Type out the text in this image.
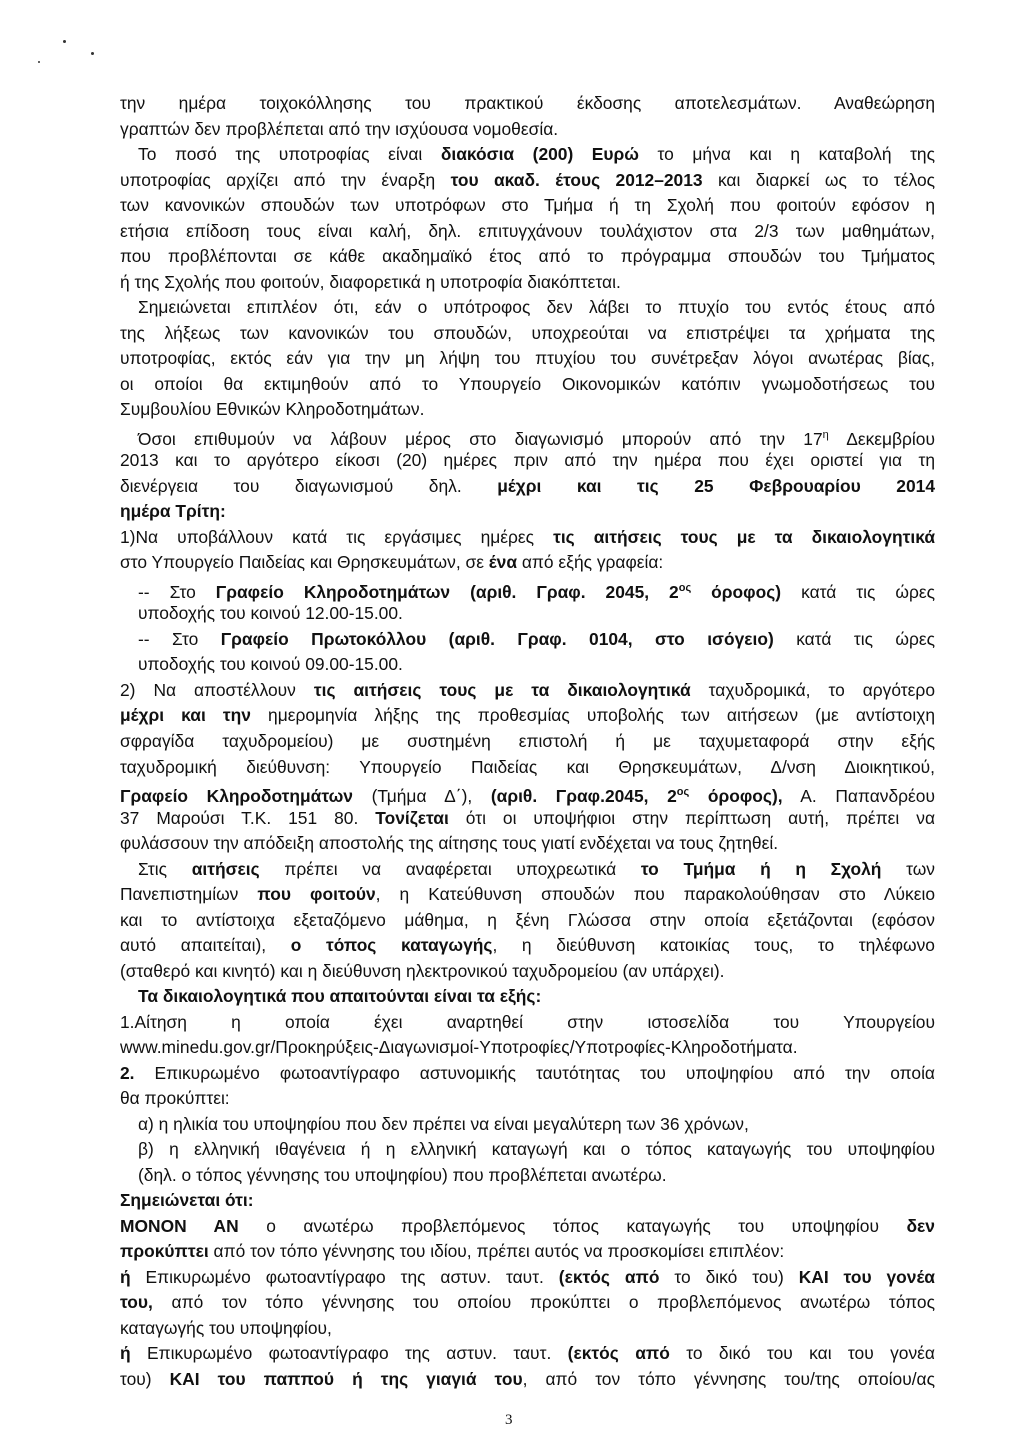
την ημέρα τοιχοκόλλησης του πρακτικού έκδοσης αποτελεσμάτων. Αναθεώρηση
γραπτών δεν προβλέπεται από την ισχύουσα νομοθεσία.
Το ποσό της υποτροφίας είναι διακόσια (200) Ευρώ το μήνα και η καταβολή της
υποτροφίας αρχίζει από την έναρξη του ακαδ. έτους 2012–2013 και διαρκεί ως το τέλος
των κανονικών σπουδών των υποτρόφων στο Τμήμα ή τη Σχολή που φοιτούν εφόσον η
ετήσια επίδοση τους είναι καλή, δηλ. επιτυγχάνουν τουλάχιστον στα 2/3 των μαθημάτων,
που προβλέπονται σε κάθε ακαδημαϊκό έτος από το πρόγραμμα σπουδών του Τμήματος
ή της Σχολής που φοιτούν, διαφορετικά η υποτροφία διακόπτεται.
Σημειώνεται επιπλέον ότι, εάν ο υπότροφος δεν λάβει το πτυχίο του εντός έτους από
της λήξεως των κανονικών του σπουδών, υποχρεούται να επιστρέψει τα χρήματα της
υποτροφίας, εκτός εάν για την μη λήψη του πτυχίου του συνέτρεξαν λόγοι ανωτέρας βίας,
οι οποίοι θα εκτιμηθούν από το Υπουργείο Οικονομικών κατόπιν γνωμοδοτήσεως του
Συμβουλίου Εθνικών Κληροδοτημάτων.
Όσοι επιθυμούν να λάβουν μέρος στο διαγωνισμό μπορούν από την $17^\eta$ Δεκεμβρίου
2013 και το αργότερο είκοσι (20) ημέρες πριν από την ημέρα που έχει οριστεί για τη
διενέργεια του διαγωνισμού δηλ. μέχρι και τις 25 Φεβρουαρίου 2014
ημέρα Τρίτη:
1)Να υποβάλλουν κατά τις εργάσιμες ημέρες τις αιτήσεις τους με τα δικαιολογητικά
στο Υπουργείο Παιδείας και Θρησκευμάτων, σε ένα από εξής γραφεία:
-- Στο Γραφείο Κληροδοτημάτων (αριθ. Γραφ. 2045, $2^{o\varsigma}$ όροφος) κατά τις ώρες
υποδοχής του κοινού 12.00-15.00.
-- Στο Γραφείο Πρωτοκόλλου (αριθ. Γραφ. 0104, στο ισόγειο) κατά τις ώρες
υποδοχής του κοινού 09.00-15.00.
2) Να αποστέλλουν τις αιτήσεις τους με τα δικαιολογητικά ταχυδρομικά, το αργότερο
μέχρι και την ημερομηνία λήξης της προθεσμίας υποβολής των αιτήσεων (με αντίστοιχη
σφραγίδα ταχυδρομείου) με συστημένη επιστολή ή με ταχυμεταφορά στην εξής
ταχυδρομική διεύθυνση: Υπουργείο Παιδείας και Θρησκευμάτων, Δ/νση Διοικητικού,
Γραφείο Κληροδοτημάτων (Τμήμα Δ΄), (αριθ. Γραφ.2045, $2^{o\varsigma}$ όροφος), Α. Παπανδρέου
37 Μαρούσι Τ.Κ. 151 80. Τονίζεται ότι οι υποψήφιοι στην περίπτωση αυτή, πρέπει να
φυλάσσουν την απόδειξη αποστολής της αίτησης τους γιατί ενδέχεται να τους ζητηθεί.
Στις αιτήσεις πρέπει να αναφέρεται υποχρεωτικά το Τμήμα ή η Σχολή των
Πανεπιστημίων που φοιτούν, η Κατεύθυνση σπουδών που παρακολούθησαν στο Λύκειο
και το αντίστοιχα εξεταζόμενο μάθημα, η ξένη Γλώσσα στην οποία εξετάζονται (εφόσον
αυτό απαιτείται), ο τόπος καταγωγής, η διεύθυνση κατοικίας τους, το τηλέφωνο
(σταθερό και κινητό) και η διεύθυνση ηλεκτρονικού ταχυδρομείου (αν υπάρχει).
Τα δικαιολογητικά που απαιτούνται είναι τα εξής:
1.Αίτηση η οποία έχει αναρτηθεί στην ιστοσελίδα του Υπουργείου
www.minedu.gov.gr/Προκηρύξεις-Διαγωνισμοί-Υποτροφίες/Υποτροφίες-Κληροδοτήματα.
2. Επικυρωμένο φωτοαντίγραφο αστυνομικής ταυτότητας του υποψηφίου από την οποία
θα προκύπτει:
α) η ηλικία του υποψηφίου που δεν πρέπει να είναι μεγαλύτερη των 36 χρόνων,
β) η ελληνική ιθαγένεια ή η ελληνική καταγωγή και ο τόπος καταγωγής του υποψηφίου
(δηλ. ο τόπος γέννησης του υποψηφίου) που προβλέπεται ανωτέρω.
Σημειώνεται ότι:
ΜΟΝΟΝ ΑΝ ο ανωτέρω προβλεπόμενος τόπος καταγωγής του υποψηφίου δεν
προκύπτει από τον τόπο γέννησης του ιδίου, πρέπει αυτός να προσκομίσει επιπλέον:
ή Επικυρωμένο φωτοαντίγραφο της αστυν. ταυτ. (εκτός από το δικό του) ΚΑΙ του γονέα
του, από τον τόπο γέννησης του οποίου προκύπτει ο προβλεπόμενος ανωτέρω τόπος
καταγωγής του υποψηφίου,
ή Επικυρωμένο φωτοαντίγραφο της αστυν. ταυτ. (εκτός από το δικό του και του γονέα
του) ΚΑΙ του παππού ή της γιαγιά του, από τον τόπο γέννησης του/της οποίου/ας
3
